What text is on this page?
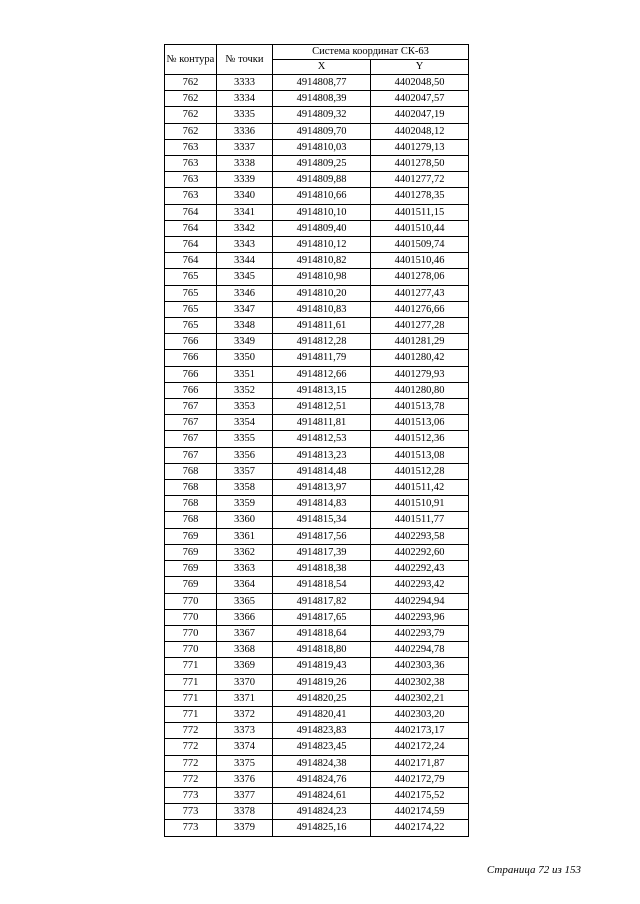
№ контура	№ точки	Система координат СК-63	
		X	Y
762	3333	4914808,77	4402048,50
762	3334	4914808,39	4402047,57
762	3335	4914809,32	4402047,19
762	3336	4914809,70	4402048,12
763	3337	4914810,03	4401279,13
763	3338	4914809,25	4401278,50
763	3339	4914809,88	4401277,72
763	3340	4914810,66	4401278,35
764	3341	4914810,10	4401511,15
764	3342	4914809,40	4401510,44
764	3343	4914810,12	4401509,74
764	3344	4914810,82	4401510,46
765	3345	4914810,98	4401278,06
765	3346	4914810,20	4401277,43
765	3347	4914810,83	4401276,66
765	3348	4914811,61	4401277,28
766	3349	4914812,28	4401281,29
766	3350	4914811,79	4401280,42
766	3351	4914812,66	4401279,93
766	3352	4914813,15	4401280,80
767	3353	4914812,51	4401513,78
767	3354	4914811,81	4401513,06
767	3355	4914812,53	4401512,36
767	3356	4914813,23	4401513,08
768	3357	4914814,48	4401512,28
768	3358	4914813,97	4401511,42
768	3359	4914814,83	4401510,91
768	3360	4914815,34	4401511,77
769	3361	4914817,56	4402293,58
769	3362	4914817,39	4402292,60
769	3363	4914818,38	4402292,43
769	3364	4914818,54	4402293,42
770	3365	4914817,82	4402294,94
770	3366	4914817,65	4402293,96
770	3367	4914818,64	4402293,79
770	3368	4914818,80	4402294,78
771	3369	4914819,43	4402303,36
771	3370	4914819,26	4402302,38
771	3371	4914820,25	4402302,21
771	3372	4914820,41	4402303,20
772	3373	4914823,83	4402173,17
772	3374	4914823,45	4402172,24
772	3375	4914824,38	4402171,87
772	3376	4914824,76	4402172,79
773	3377	4914824,61	4402175,52
773	3378	4914824,23	4402174,59
773	3379	4914825,16	4402174,22
Страница 72 из 153
